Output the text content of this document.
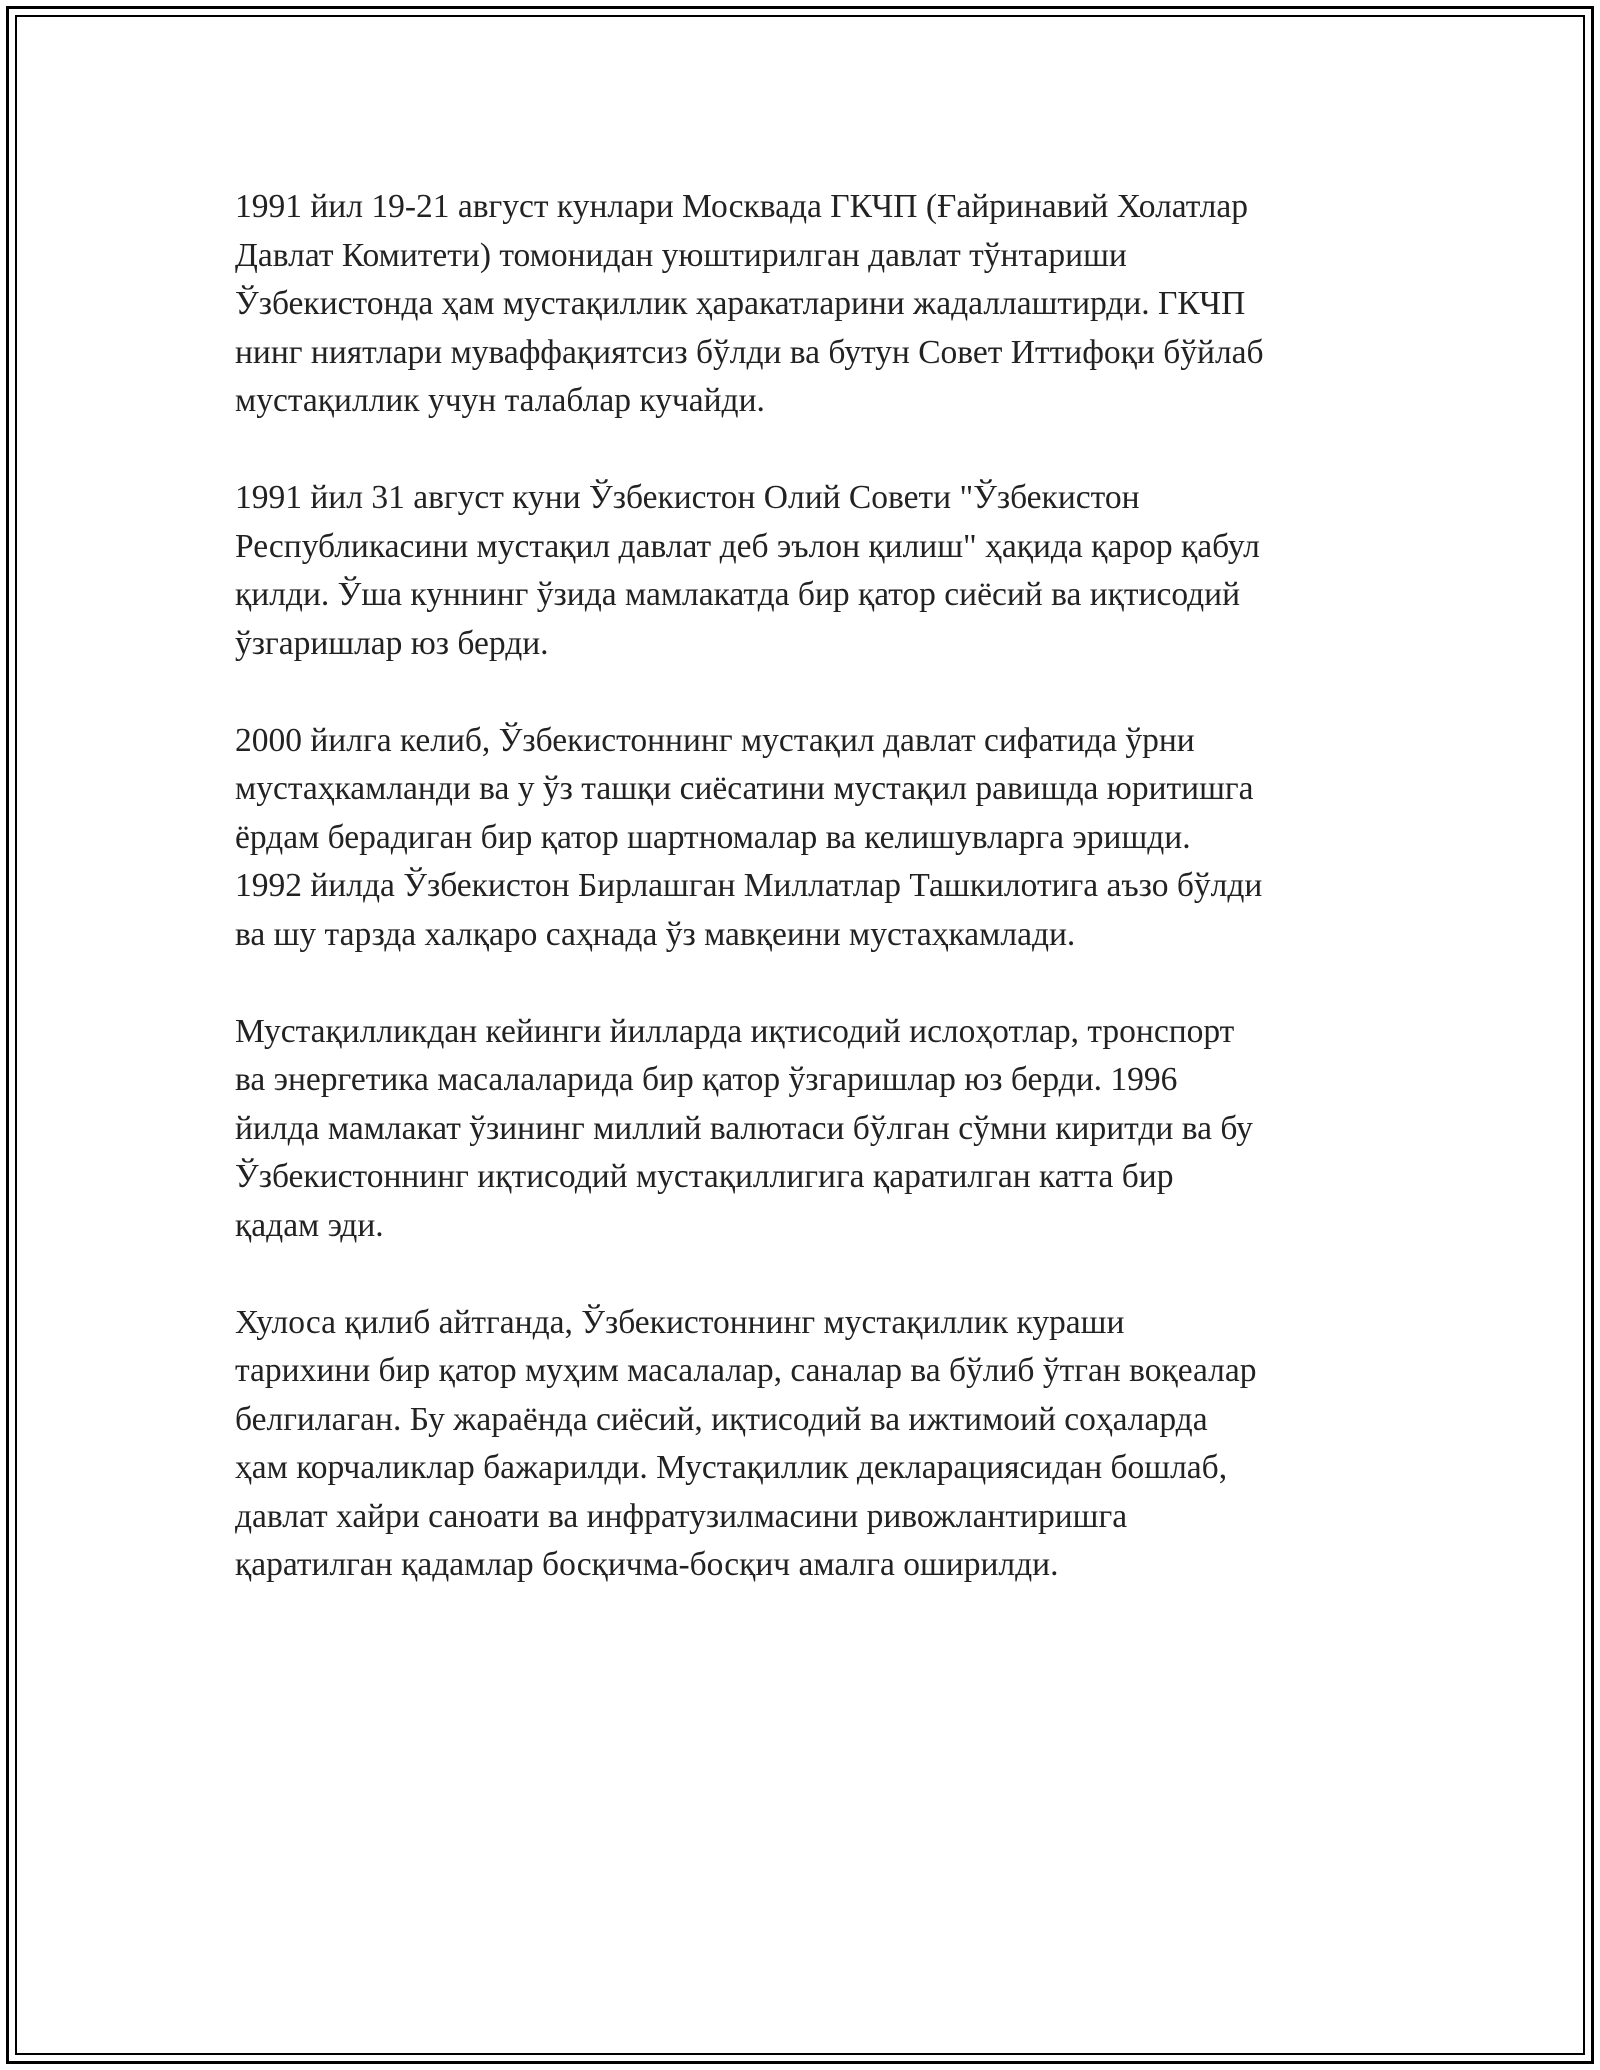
1991 йил 19-21 август кунлари Москвада ГКЧП (Ғайринавий Холатлар
Давлат Комитети) томонидан уюштирилган давлат тўнтариши
Ўзбекистонда ҳам мустақиллик ҳаракатларини жадаллаштирди. ГКЧП
нинг ниятлари муваффақиятсиз бўлди ва бутун Совет Иттифоқи бўйлаб
мустақиллик учун талаблар кучайди.

1991 йил 31 август куни Ўзбекистон Олий Совети "Ўзбекистон
Республикасини мустақил давлат деб эълон қилиш" ҳақида қарор қабул
қилди. Ўша куннинг ўзида мамлакатда бир қатор сиёсий ва иқтисодий
ўзгаришлар юз берди.

2000 йилга келиб, Ўзбекистоннинг мустақил давлат сифатида ўрни
мустаҳкамланди ва у ўз ташқи сиёсатини мустақил равишда юритишга
ёрдам берадиган бир қатор шартномалар ва келишувларга эришди.
1992 йилда Ўзбекистон Бирлашган Миллатлар Ташкилотига аъзо бўлди
ва шу тарзда халқаро саҳнада ўз мавқеини мустаҳкамлади.

Мустақилликдан кейинги йилларда иқтисодий ислоҳотлар, тронспорт
ва энергетика масалаларида бир қатор ўзгаришлар юз берди. 1996
йилда мамлакат ўзининг миллий валютаси бўлган сўмни киритди ва бу
Ўзбекистоннинг иқтисодий мустақиллигига қаратилган катта бир
қадам эди.

Хулоса қилиб айтганда, Ўзбекистоннинг мустақиллик кураши
тарихини бир қатор муҳим масалалар, саналар ва бўлиб ўтган воқеалар
белгилаган. Бу жараёнда сиёсий, иқтисодий ва ижтимоий соҳаларда
ҳам корчаликлар бажарилди. Мустақиллик декларациясидан бошлаб,
давлат хайри саноати ва инфратузилмасини ривожлантиришга
қаратилган қадамлар босқичма-босқич амалга оширилди.
